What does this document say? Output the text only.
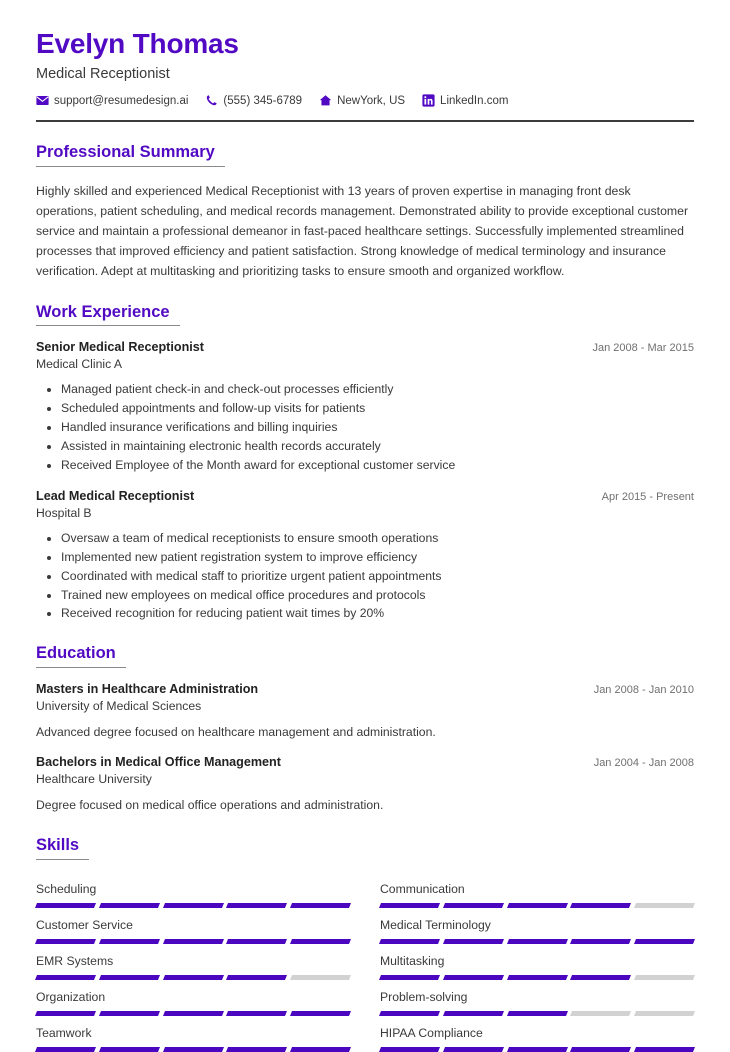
Evelyn Thomas
Medical Receptionist
support@resumedesign.ai	(555) 345-6789	NewYork, US	LinkedIn.com
Professional Summary
Highly skilled and experienced Medical Receptionist with 13 years of proven expertise in managing front desk operations, patient scheduling, and medical records management. Demonstrated ability to provide exceptional customer service and maintain a professional demeanor in fast-paced healthcare settings. Successfully implemented streamlined processes that improved efficiency and patient satisfaction. Strong knowledge of medical terminology and insurance verification. Adept at multitasking and prioritizing tasks to ensure smooth and organized workflow.
Work Experience
Senior Medical Receptionist	Jan 2008 - Mar 2015
Medical Clinic A
• Managed patient check-in and check-out processes efficiently
• Scheduled appointments and follow-up visits for patients
• Handled insurance verifications and billing inquiries
• Assisted in maintaining electronic health records accurately
• Received Employee of the Month award for exceptional customer service
Lead Medical Receptionist	Apr 2015 - Present
Hospital B
• Oversaw a team of medical receptionists to ensure smooth operations
• Implemented new patient registration system to improve efficiency
• Coordinated with medical staff to prioritize urgent patient appointments
• Trained new employees on medical office procedures and protocols
• Received recognition for reducing patient wait times by 20%
Education
Masters in Healthcare Administration	Jan 2008 - Jan 2010
University of Medical Sciences
Advanced degree focused on healthcare management and administration.
Bachelors in Medical Office Management	Jan 2004 - Jan 2008
Healthcare University
Degree focused on medical office operations and administration.
Skills
Scheduling	Communication
Customer Service	Medical Terminology
EMR Systems	Multitasking
Organization	Problem-solving
Teamwork	HIPAA Compliance
